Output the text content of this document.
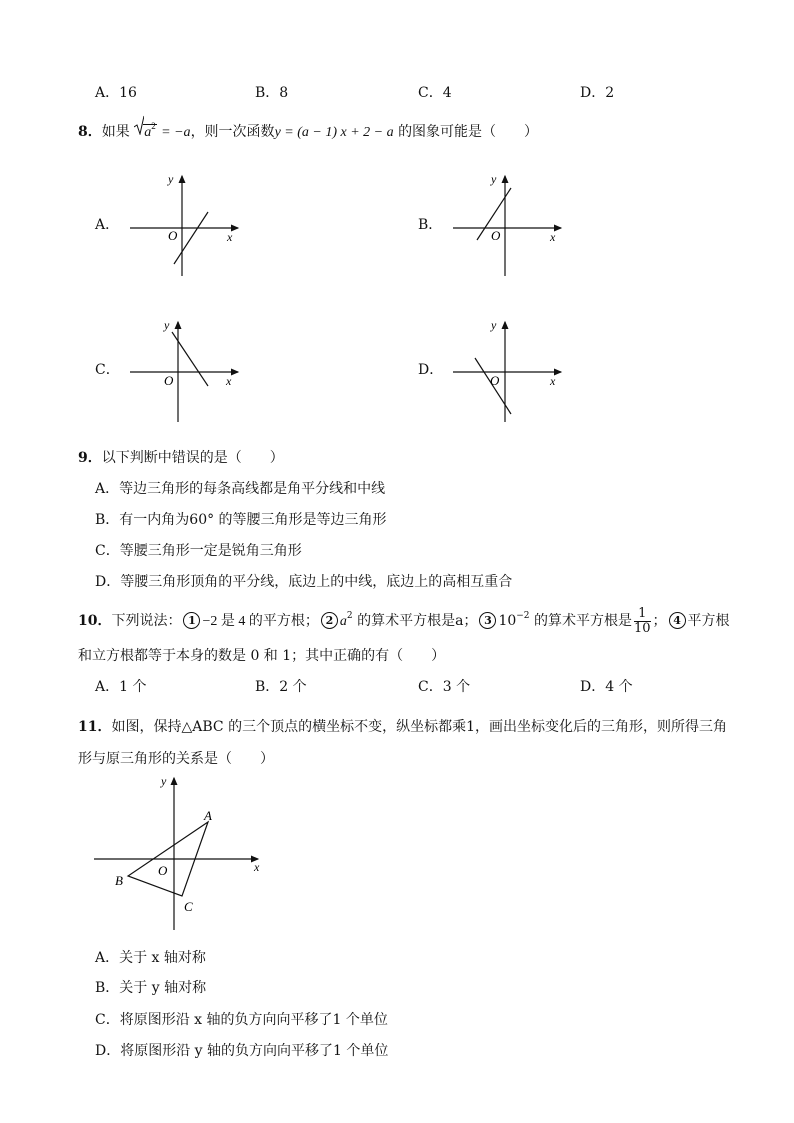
A．16	B．8	C．4	D．2
8．如果 $a^2 = -a$，则一次函数y = (a − 1) x + 2 − a 的图象可能是（　　）
A．	B．
C．	D．
x
y
O	x
y
O
x
y
O	x
y
O
9．以下判断中错误的是（　　）
A．等边三角形的每条高线都是角平分线和中线
B．有一内角为60° 的等腰三角形是等边三角形
C．等腰三角形一定是锐角三角形
D．等腰三角形顶角的平分线，底边上的中线，底边上的高相互重合
10．下列说法： 1 −2 是 4 的平方根； 2 $a^2$ 的算术平方根是a； 3 $10^{-2}$ 的算术平方根是 $\frac{1}{10}$ ； 4 平方根
和立方根都等于本身的数是 0 和 1；其中正确的有（　　）
A．1 个	B．2 个	C．3 个	D．4 个
11．如图，保持△ABC 的三个顶点的横坐标不变，纵坐标都乘1，画出坐标变化后的三角形，则所得三角
形与原三角形的关系是（　　）
y
x
O
A
B
C
A．关于 x 轴对称
B．关于 y 轴对称
C．将原图形沿 x 轴的负方向向平移了1 个单位
D．将原图形沿 y 轴的负方向向平移了1 个单位
